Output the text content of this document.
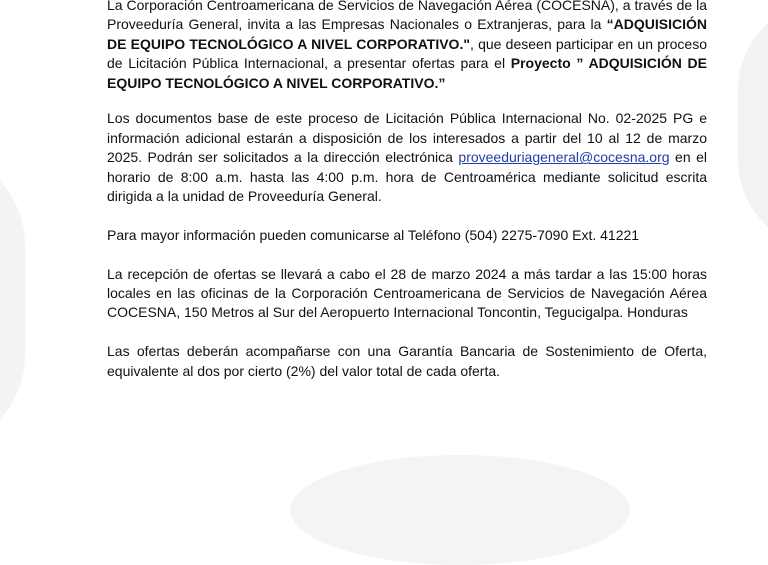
La Corporación Centroamericana de Servicios de Navegación Aérea (COCESNA), a través de la Proveeduría General, invita a las Empresas Nacionales o Extranjeras, para la “ADQUISICIÓN DE EQUIPO TECNOLÓGICO A NIVEL CORPORATIVO.", que deseen participar en un proceso de Licitación Pública Internacional, a presentar ofertas para el Proyecto ” ADQUISICIÓN DE EQUIPO TECNOLÓGICO A NIVEL CORPORATIVO.”

Los documentos base de este proceso de Licitación Pública Internacional No. 02-2025 PG e información adicional estarán a disposición de los interesados a partir del 10 al 12 de marzo 2025. Podrán ser solicitados a la dirección electrónica proveeduriageneral@cocesna.org en el horario de 8:00 a.m. hasta las 4:00 p.m. hora de Centroamérica mediante solicitud escrita dirigida a la unidad de Proveeduría General.

Para mayor información pueden comunicarse al Teléfono (504) 2275-7090 Ext. 41221

La recepción de ofertas se llevará a cabo el 28 de marzo 2024 a más tardar a las 15:00 horas locales en las oficinas de la Corporación Centroamericana de Servicios de Navegación Aérea COCESNA, 150 Metros al Sur del Aeropuerto Internacional Toncontin, Tegucigalpa. Honduras

Las ofertas deberán acompañarse con una Garantía Bancaria de Sostenimiento de Oferta, equivalente al dos por cierto (2%) del valor total de cada oferta.
